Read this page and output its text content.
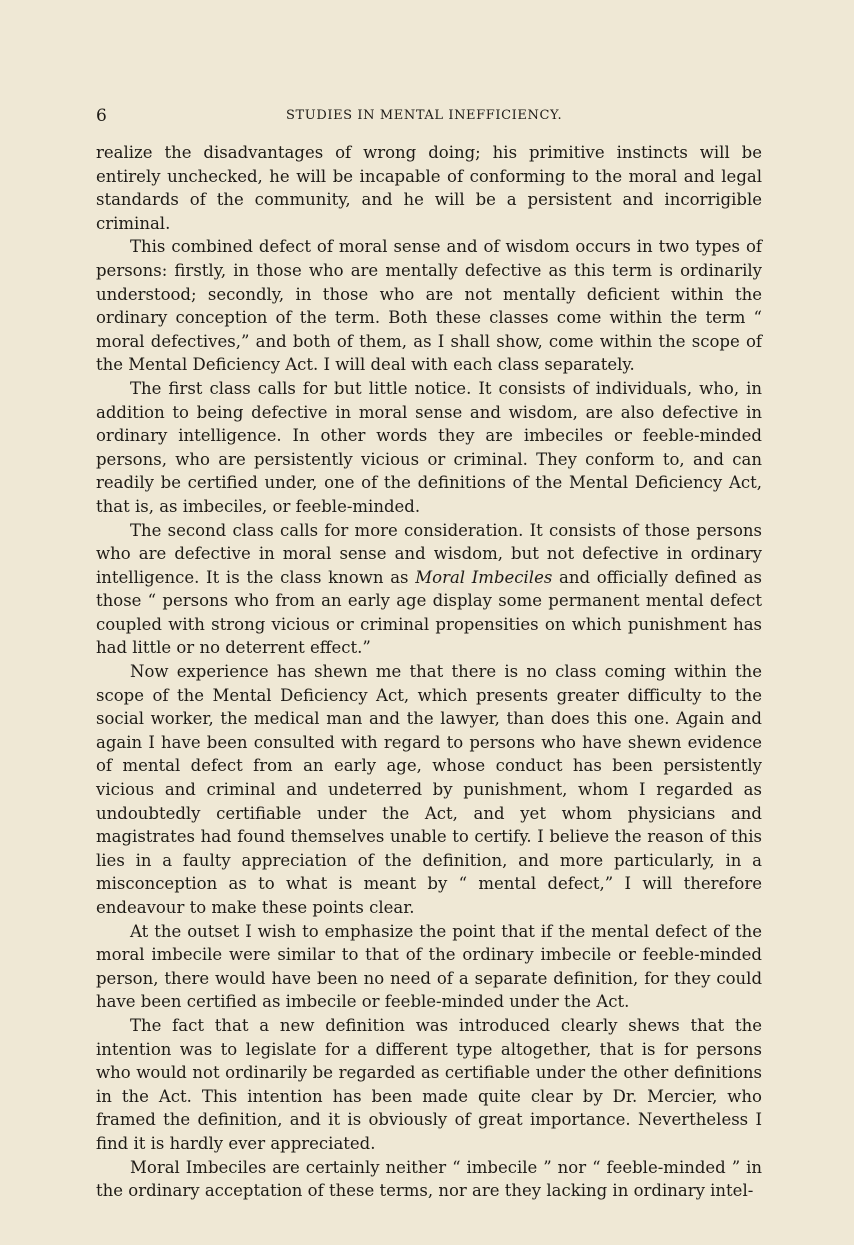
6	STUDIES IN MENTAL INEFFICIENCY.

realize the disadvantages of wrong doing; his primitive instincts will be entirely unchecked, he will be incapable of conforming to the moral and legal standards of the community, and he will be a persistent and incorrigible criminal.

This combined defect of moral sense and of wisdom occurs in two types of persons: firstly, in those who are mentally defective as this term is ordinarily understood; secondly, in those who are not mentally deficient within the ordinary conception of the term. Both these classes come within the term “ moral defectives,” and both of them, as I shall show, come within the scope of the Mental Deficiency Act. I will deal with each class separately.

The first class calls for but little notice. It consists of individuals, who, in addition to being defective in moral sense and wisdom, are also defective in ordinary intelligence. In other words they are imbeciles or feeble-minded persons, who are persistently vicious or criminal. They conform to, and can readily be certified under, one of the definitions of the Mental Deficiency Act, that is, as imbeciles, or feeble-minded.

The second class calls for more consideration. It consists of those persons who are defective in moral sense and wisdom, but not defective in ordinary intelligence. It is the class known as Moral Imbeciles and officially defined as those “ persons who from an early age display some permanent mental defect coupled with strong vicious or criminal propensities on which punishment has had little or no deterrent effect.”

Now experience has shewn me that there is no class coming within the scope of the Mental Deficiency Act, which presents greater difficulty to the social worker, the medical man and the lawyer, than does this one. Again and again I have been consulted with regard to persons who have shewn evidence of mental defect from an early age, whose conduct has been persistently vicious and criminal and undeterred by punishment, whom I regarded as undoubtedly certifiable under the Act, and yet whom physicians and magistrates had found themselves unable to certify. I believe the reason of this lies in a faulty appreciation of the definition, and more particularly, in a misconception as to what is meant by “ mental defect,” I will therefore endeavour to make these points clear.

At the outset I wish to emphasize the point that if the mental defect of the moral imbecile were similar to that of the ordinary imbecile or feeble-minded person, there would have been no need of a separate definition, for they could have been certified as imbecile or feeble-minded under the Act.

The fact that a new definition was introduced clearly shews that the intention was to legislate for a different type altogether, that is for persons who would not ordinarily be regarded as certifiable under the other definitions in the Act. This intention has been made quite clear by Dr. Mercier, who framed the definition, and it is obviously of great importance. Nevertheless I find it is hardly ever appreciated.

Moral Imbeciles are certainly neither “ imbecile ” nor “ feeble-minded ” in the ordinary acceptation of these terms, nor are they lacking in ordinary intel-
